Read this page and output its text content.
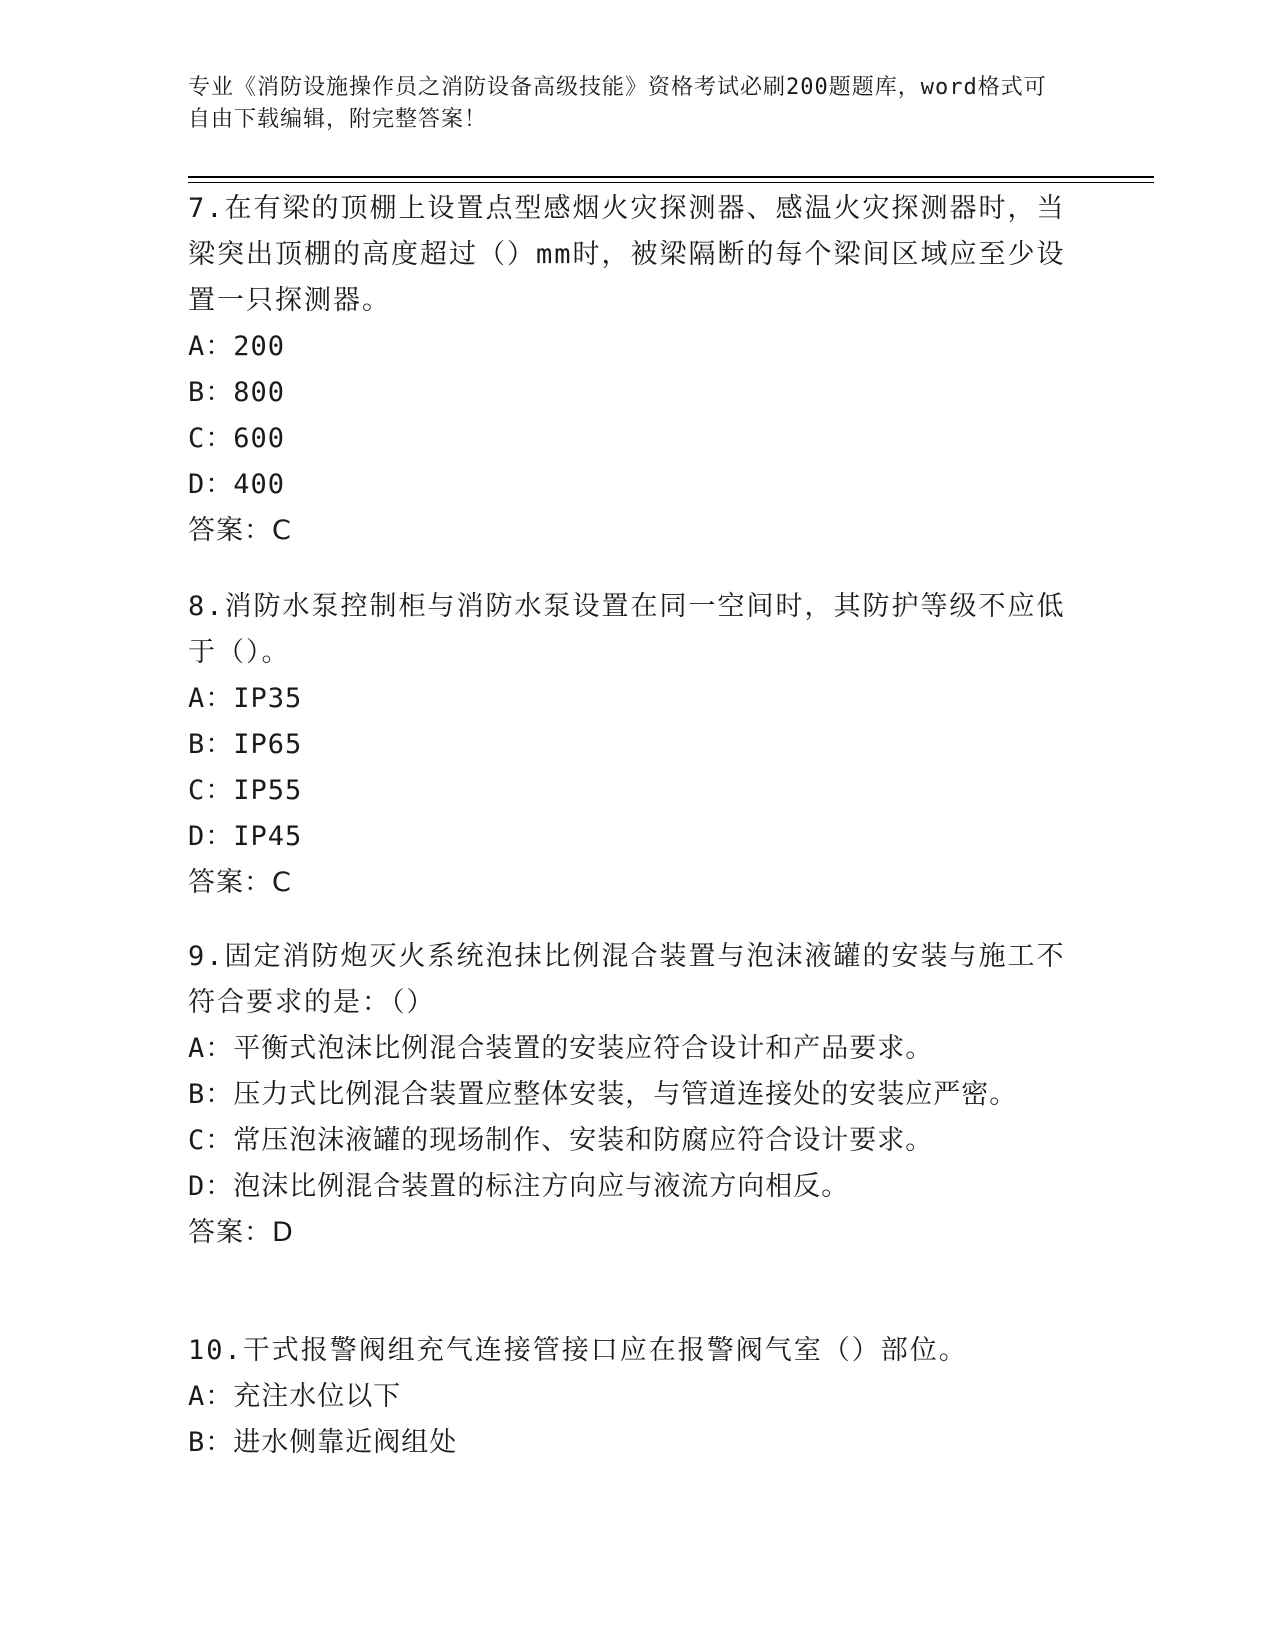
专业《消防设施操作员之消防设备高级技能》资格考试必刷200题题库，word格式可自由下载编辑，附完整答案！
7.在有梁的顶棚上设置点型感烟火灾探测器、感温火灾探测器时，当梁突出顶棚的高度超过（）mm时，被梁隔断的每个梁间区域应至少设置一只探测器。
A：200
B：800
C：600
D：400
答案：C
8.消防水泵控制柜与消防水泵设置在同一空间时，其防护等级不应低于（）。
A：IP35
B：IP65
C：IP55
D：IP45
答案：C
9.固定消防炮灭火系统泡抹比例混合装置与泡沫液罐的安装与施工不符合要求的是：（）
A：平衡式泡沫比例混合装置的安装应符合设计和产品要求。
B：压力式比例混合装置应整体安装，与管道连接处的安装应严密。
C：常压泡沫液罐的现场制作、安装和防腐应符合设计要求。
D：泡沫比例混合装置的标注方向应与液流方向相反。
答案：D
10.干式报警阀组充气连接管接口应在报警阀气室（）部位。
A：充注水位以下
B：进水侧靠近阀组处
